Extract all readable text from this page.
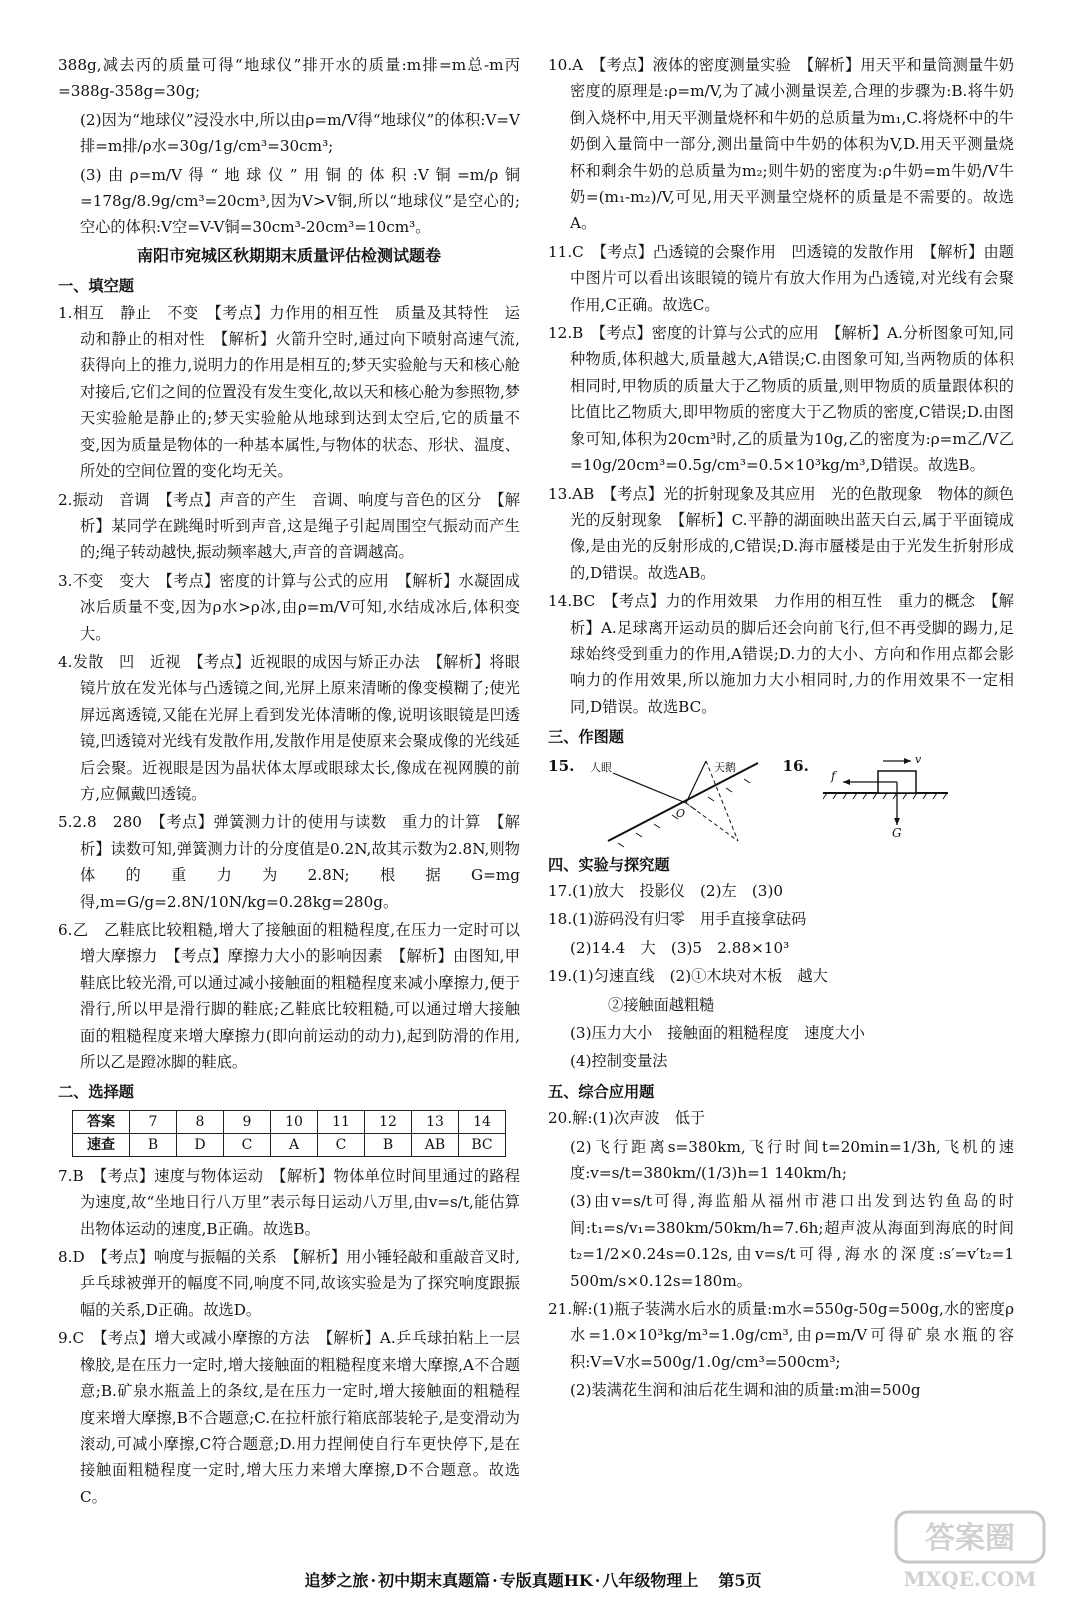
388g,减去丙的质量可得“地球仪”排开水的质量:m排=m总-m丙=388g-358g=30g;

(2)因为“地球仪”浸没水中,所以由ρ=m/V得“地球仪”的体积:V=V排=m排/ρ水=30g/1g/cm³=30cm³;

(3)由ρ=m/V得“地球仪”用铜的体积:V铜=m/ρ铜=178g/8.9g/cm³=20cm³,因为V>V铜,所以“地球仪”是空心的;空心的体积:V空=V-V铜=30cm³-20cm³=10cm³。

南阳市宛城区秋期期末质量评估检测试题卷

一、填空题

1.相互　静止　不变　【考点】力作用的相互性　质量及其特性　运动和静止的相对性　【解析】火箭升空时,通过向下喷射高速气流,获得向上的推力,说明力的作用是相互的;梦天实验舱与天和核心舱对接后,它们之间的位置没有发生变化,故以天和核心舱为参照物,梦天实验舱是静止的;梦天实验舱从地球到达到太空后,它的质量不变,因为质量是物体的一种基本属性,与物体的状态、形状、温度、所处的空间位置的变化均无关。

2.振动　音调　【考点】声音的产生　音调、响度与音色的区分　【解析】某同学在跳绳时听到声音,这是绳子引起周围空气振动而产生的;绳子转动越快,振动频率越大,声音的音调越高。

3.不变　变大　【考点】密度的计算与公式的应用　【解析】水凝固成冰后质量不变,因为ρ水>ρ冰,由ρ=m/V可知,水结成冰后,体积变大。

4.发散　凹　近视　【考点】近视眼的成因与矫正办法　【解析】将眼镜片放在发光体与凸透镜之间,光屏上原来清晰的像变模糊了;使光屏远离透镜,又能在光屏上看到发光体清晰的像,说明该眼镜是凹透镜,凹透镜对光线有发散作用,发散作用是使原来会聚成像的光线延后会聚。近视眼是因为晶状体太厚或眼球太长,像成在视网膜的前方,应佩戴凹透镜。

5.2.8　280　【考点】弹簧测力计的使用与读数　重力的计算　【解析】读数可知,弹簧测力计的分度值是0.2N,故其示数为2.8N,则物体的重力为2.8N;根据G=mg得,m=G/g=2.8N/10N/kg=0.28kg=280g。

6.乙　乙鞋底比较粗糙,增大了接触面的粗糙程度,在压力一定时可以增大摩擦力　【考点】摩擦力大小的影响因素　【解析】由图知,甲鞋底比较光滑,可以通过减小接触面的粗糙程度来减小摩擦力,便于滑行,所以甲是滑行脚的鞋底;乙鞋底比较粗糙,可以通过增大接触面的粗糙程度来增大摩擦力(即向前运动的动力),起到防滑的作用,所以乙是蹬冰脚的鞋底。

二、选择题

答案	7	8	9	10	11	12	13	14
速查	B	D	C	A	C	B	AB	BC

7.B　【考点】速度与物体运动　【解析】物体单位时间里通过的路程为速度,故“坐地日行八万里”表示每日运动八万里,由v=s/t,能估算出物体运动的速度,B正确。故选B。

8.D　【考点】响度与振幅的关系　【解析】用小锤轻敲和重敲音叉时,乒乓球被弹开的幅度不同,响度不同,故该实验是为了探究响度跟振幅的关系,D正确。故选D。

9.C　【考点】增大或减小摩擦的方法　【解析】A.乒乓球拍粘上一层橡胶,是在压力一定时,增大接触面的粗糙程度来增大摩擦,A不合题意;B.矿泉水瓶盖上的条纹,是在压力一定时,增大接触面的粗糙程度来增大摩擦,B不合题意;C.在拉杆旅行箱底部装轮子,是变滑动为滚动,可减小摩擦,C符合题意;D.用力捏闸使自行车更快停下,是在接触面粗糙程度一定时,增大压力来增大摩擦,D不合题意。故选C。

10.A　【考点】液体的密度测量实验　【解析】用天平和量筒测量牛奶密度的原理是:ρ=m/V,为了减小测量误差,合理的步骤为:B.将牛奶倒入烧杯中,用天平测量烧杯和牛奶的总质量为m₁,C.将烧杯中的牛奶倒入量筒中一部分,测出量筒中牛奶的体积为V,D.用天平测量烧杯和剩余牛奶的总质量为m₂;则牛奶的密度为:ρ牛奶=m牛奶/V牛奶=(m₁-m₂)/V,可见,用天平测量空烧杯的质量是不需要的。故选A。

11.C　【考点】凸透镜的会聚作用　凹透镜的发散作用　【解析】由题中图片可以看出该眼镜的镜片有放大作用为凸透镜,对光线有会聚作用,C正确。故选C。

12.B　【考点】密度的计算与公式的应用　【解析】A.分析图象可知,同种物质,体积越大,质量越大,A错误;C.由图象可知,当两物质的体积相同时,甲物质的质量大于乙物质的质量,则甲物质的质量跟体积的比值比乙物质大,即甲物质的密度大于乙物质的密度,C错误;D.由图象可知,体积为20cm³时,乙的质量为10g,乙的密度为:ρ=m乙/V乙=10g/20cm³=0.5g/cm³=0.5×10³kg/m³,D错误。故选B。

13.AB　【考点】光的折射现象及其应用　光的色散现象　物体的颜色　光的反射现象　【解析】C.平静的湖面映出蓝天白云,属于平面镜成像,是由光的反射形成的,C错误;D.海市蜃楼是由于光发生折射形成的,D错误。故选AB。

14.BC　【考点】力的作用效果　力作用的相互性　重力的概念　【解析】A.足球离开运动员的脚后还会向前飞行,但不再受脚的踢力,足球始终受到重力的作用,A错误;D.力的大小、方向和作用点都会影响力的作用效果,所以施加力大小相同时,力的作用效果不一定相同,D错误。故选BC。

三、作图题

15. 人眼
O
天鹅	16.
f
v
G

四、实验与探究题

17.(1)放大　投影仪　(2)左　(3)0

18.(1)游码没有归零　用手直接拿砝码

(2)14.4　大　(3)5　2.88×10³

19.(1)匀速直线　(2)①木块对木板　越大

②接触面越粗糙

(3)压力大小　接触面的粗糙程度　速度大小

(4)控制变量法

五、综合应用题

20.解:(1)次声波　低于

(2)飞行距离s=380km,飞行时间t=20min=1/3h,飞机的速度:v=s/t=380km/(1/3)h=1 140km/h;

(3)由v=s/t可得,海监船从福州市港口出发到达钓鱼岛的时间:t₁=s/v₁=380km/50km/h=7.6h;超声波从海面到海底的时间t₂=1/2×0.24s=0.12s,由v=s/t可得,海水的深度:s′=v′t₂=1 500m/s×0.12s=180m。

21.解:(1)瓶子装满水后水的质量:m水=550g-50g=500g,水的密度ρ水=1.0×10³kg/m³=1.0g/cm³,由ρ=m/V可得矿泉水瓶的容积:V=V水=500g/1.0g/cm³=500cm³;

(2)装满花生润和油后花生调和油的质量:m油=500g

答案圈
MXQE.COM
追梦之旅 · 初中期末真题篇 · 专版真题HK · 八年级物理上　 第5页
